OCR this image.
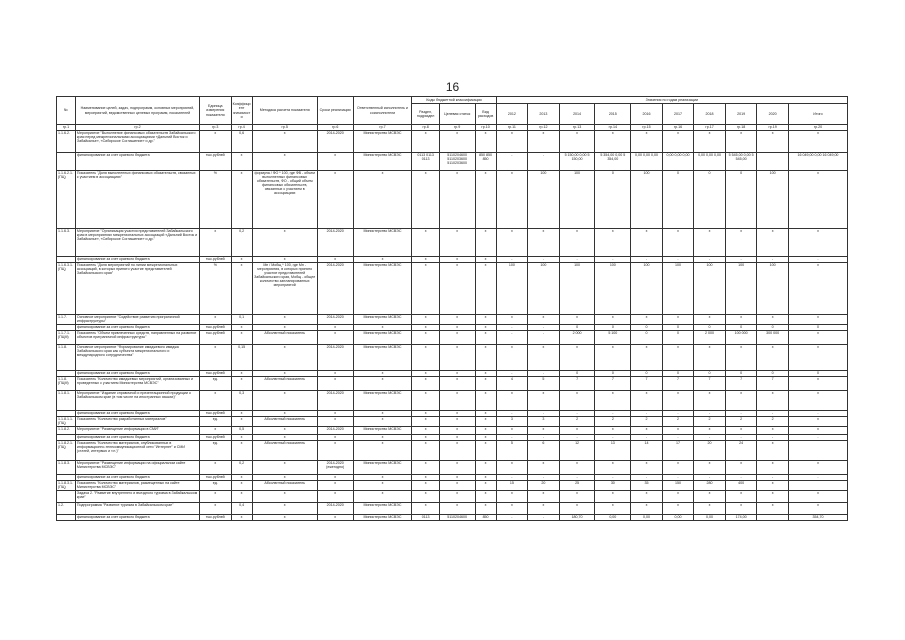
16
№	Наименование целей, задач, подпрограмм, основных мероприятий, мероприятий, ведомственных целевых программ, показателей	Единица измерения показателя	Коэффициент значимости	Методика расчета показателя	Сроки реализации	Ответственный исполнитель и соисполнители	Коды бюджетной классификации			Значения по годам реализации									
							Раздел, подраздел	Целевая статья	Вид расходов	2012	2013	2014	2015	2016	2017	2018	2019	2020	Итого
гр.1	гр.2	гр.3	гр.4	гр.5	гр.6	гр.7	гр.8	гр.9	гр.10	гр.11	гр.12	гр.13	гр.14	гр.15	гр.16	гр.17	гр.18	гр.19	гр.20
1.1.6.2.	Мероприятие "Выполнение финансовых обязательств Забайкальского края перед межрегиональными ассоциациями «Дальний Восток и Забайкалье», «Сибирское Соглашение» и др."	х	0,6	х	2014-2020	Министерство МСВЭС	х	х	х	х	х	х	х	х	х	х	х	х	х
	финансирование за счет краевого бюджета	тыс.рублей	х	х	х	Министерство МСВЭС	0113 0113 0113	5110204600 5110203600 5110203600	850 850 850	-	-	5 150,00 0,00 5 150,00	5 354,00 0,00 5 354,00	0,00 0,00 0,00	0,00 0,00 0,00	0,00 0,00 0,00	5 545,00 0,00 5 545,00		16 049,00 0,00 16 049,00
1.1.6.2.1. (ПЦ)	Показатель "Доля выполненных финансовых обязательств, связанных с участием в ассоциациях"	%	х	формула / ФО * 100, где ФВ - объем выполненных финансовых обязательств, ФО - общий объем финансовых обязательств, связанных с участием в ассоциациях	х	х	х	х	х	х	100	100	0	100	0	0	0	100	х
1.1.6.3.	Мероприятие "Организация участия представителей Забайкальского края в мероприятиях межрегиональных ассоциаций «Дальний Восток и Забайкалье», «Сибирское Соглашение» и др."	х	0,2	х	2014-2020	Министерство МСВЭС	х	х	х	х	х	х	х	х	х	х	х	х	х
	финансирование за счет краевого бюджета	тыс.рублей	х	х	х	х	х	х	х	-	-	-	-	-	-	-	-	-	-
1.1.6.3.1. (ПЦ)	Показатель "Доля мероприятий по линии межрегиональных ассоциаций, в которых принято участие представителей Забайкальского края"	%	х	Мп / Мобщ * 100, где Мп - мероприятия, в которых принято участие представителей Забайкальского края, Мобщ - общее количество запланированных мероприятий	2014-2020	Министерство МСВЭС	х	х	х	100	100	100	100	100	100	100	100	100	х
1.1.7.	Основное мероприятие "Содействие развитию приграничной инфраструктуры"	х	0,1	х	2014-2020	Министерство МСВЭС	х	х	х	х	х	х	х	х	х	х	х	х	х
	финансирование за счет краевого бюджета	тыс.рублей	х	х	х	х	х	х	х	-	-	0	0	0	0	0	0	0	0
1.1.7.1. (ПЦМ)	Показатель "Объем привлеченных средств, направленных на развитие объектов приграничной инфраструктуры"	тыс.рублей	х	Абсолютный показатель	х	Министерство МСВЭС	х	х	х	-	-	2 000	5 100	0	0	2 000	100 000	300 000	х
1.1.8.	Основное мероприятие "Формирование имиджевого имиджа Забайкальского края как субъекта межрегионального и международного сотрудничества"	х	0,15	х	2014-2020	Министерство МСВЭС	х	х	х	х	х	х	х	х	х	х	х	х	х
	финансирование за счет краевого бюджета	тыс.рублей	х	х	х	х	х	х	х	-	-	0	0	0	0	0	0	0	0
1.1.8. (ПЦМ)	Показатель "Количество имиджевых мероприятий, организованных и проведенных с участием Министерства МСВЭС"	ед.	х	Абсолютный показатель	х	х	х	х	х	4	5	7	7	7	7	7	7	7	х
1.1.8.1.	Мероприятие "Издание справочной и презентационной продукции о Забайкальском крае (в том числе на иностранных языках)"	х	0,3	х	2014-2020	Министерство МСВЭС	х	х	х	х	х	х	х	х	х	х	х	х	х
	финансирование за счет краевого бюджета	тыс.рублей	х	х	х	х	х	х	х	-	-	-	-	-	-	-	-	-	-
1.1.8.1.1. (ПЦ)	Показатель "Количество разработанных материалов"	ед.	х	Абсолютный показатель	х	х	х	х	х	3	3	2	2	2	2	2	2	2	х
1.1.8.2.	Мероприятие "Размещение информации в СМИ"	х	0,5	х	2014-2020	Министерство МСВЭС	х	х	х	х	х	х	х	х	х	х	х	х	х
	финансирование за счет краевого бюджета	тыс.рублей	х	х	х	х	х	х	х	-	-	-	-	-	-	-	-	-	-
1.1.8.2.1. (ПЦ)	Показатель "Количество материалов, опубликованных в информационно-телекоммуникационной сети "Интернет" и СМИ (статей, интервью и т.п.)"	ед.	х	Абсолютный показатель	х	х	х	х	х	5	6	12	13	14	17	20	24	х	
1.1.8.3.	Мероприятие "Размещение информации на официальном сайте Министерства МСВЭС"	х	0,2	х	2014-2020 (ежегодно)	Министерство МСВЭС	х	х	х	х	х	х	х	х	х	х	х	х	х
	финансирование за счет краевого бюджета	тыс.рублей	х	х	х	х	х	х	х	-	-	-	-	-	-	-	-	-	-
1.1.8.3.1. (ПЦ)	Показатель "Количество материалов, размещенных на сайте Министерства МСВЭС"	ед.	х	Абсолютный показатель	х	х	х	х	х	15	20	25	30	35	150	280	400	х	
	Задача 2. "Развитие внутреннего и въездного туризма в Забайкальском крае"	х	х	х	х	х	х	х	х	х	х	х	х	х	х	х	х	х	х
1.2.	Подпрограмма "Развитие туризма в Забайкальском крае"	х	0,4	х	2014-2020	Министерство МСВЭС	х	х	х	х	х	х	х	х	х	х	х	х	х
	финансирование за счет краевого бюджета	тыс.рублей	х	х	х	Министерство МСВЭС	0113	5110204600	850	-	-	180,70	0,00	0,00	0,00	0,00	174,00		354,70
